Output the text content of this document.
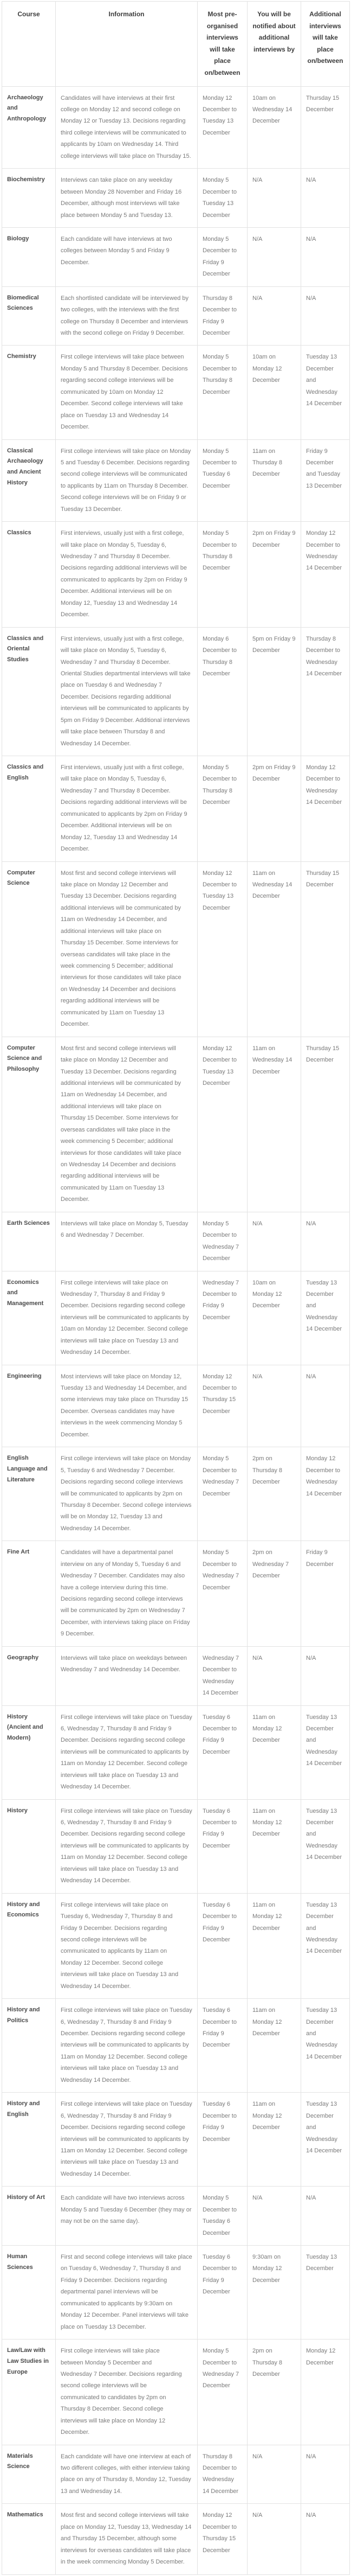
Course	Information	Most pre-organised interviews will take place on/between	You will be notified about additional interviews by	Additional interviews will take place on/between
Archaeology and Anthropology	Candidates will have interviews at their first college on Monday 12 and second college on Monday 12 or Tuesday 13. Decisions regarding third college interviews will be communicated to applicants by 10am on Wednesday 14. Third college interviews will take place on Thursday 15.	Monday 12 December to Tuesday 13 December	10am on Wednesday 14 December	Thursday 15 December
Biochemistry	Interviews can take place on any weekday between Monday 28 November and Friday 16 December, although most interviews will take place between Monday 5 and Tuesday 13.	Monday 5 December to Tuesday 13 December	N/A	N/A
Biology	Each candidate will have interviews at two colleges between Monday 5 and Friday 9 December.	Monday 5 December to Friday 9 December	N/A	N/A
Biomedical Sciences	Each shortlisted candidate will be interviewed by two colleges, with the interviews with the first college on Thursday 8 December and interviews with the second college on Friday 9 December.	Thursday 8 December to Friday 9 December	N/A	N/A
Chemistry	First college interviews will take place between Monday 5 and Thursday 8 December. Decisions regarding second college interviews will be communicated by 10am on Monday 12 December. Second college interviews will take place on Tuesday 13 and Wednesday 14 December.	Monday 5 December to Thursday 8 December	10am on Monday 12 December	Tuesday 13 December and Wednesday 14 December
Classical Archaeology and Ancient History	First college interviews will take place on Monday 5 and Tuesday 6 December. Decisions regarding second college interviews will be communicated to applicants by 11am on Thursday 8 December. Second college interviews will be on Friday 9 or Tuesday 13 December.	Monday 5 December to Tuesday 6 December	11am on Thursday 8 December	Friday 9 December and Tuesday 13 December
Classics	First interviews, usually just with a first college, will take place on Monday 5, Tuesday 6, Wednesday 7 and Thursday 8 December. Decisions regarding additional interviews will be communicated to applicants by 2pm on Friday 9 December. Additional interviews will be on Monday 12, Tuesday 13 and Wednesday 14 December.	Monday 5 December to Thursday 8 December	2pm on Friday 9 December	Monday 12 December to Wednesday 14 December
Classics and Oriental Studies	First interviews, usually just with a first college, will take place on Monday 5, Tuesday 6, Wednesday 7 and Thursday 8 December. Oriental Studies departmental interviews will take place on Tuesday 6 and Wednesday 7 December. Decisions regarding additional interviews will be communicated to applicants by 5pm on Friday 9 December. Additional interviews will take place between Thursday 8 and Wednesday 14 December.	Monday 6 December to Thursday 8 December	5pm on Friday 9 December	Thursday 8 December to Wednesday 14 December
Classics and English	First interviews, usually just with a first college, will take place on Monday 5, Tuesday 6, Wednesday 7 and Thursday 8 December. Decisions regarding additional interviews will be communicated to applicants by 2pm on Friday 9 December. Additional interviews will be on Monday 12, Tuesday 13 and Wednesday 14 December.	Monday 5 December to Thursday 8 December	2pm on Friday 9 December	Monday 12 December to Wednesday 14 December
Computer Science	Most first and second college interviews will take place on Monday 12 December and Tuesday 13 December. Decisions regarding additional interviews will be communicated by 11am on Wednesday 14 December, and additional interviews will take place on Thursday 15 December. Some interviews for overseas candidates will take place in the week commencing 5 December; additional interviews for those candidates will take place on Wednesday 14 December and decisions regarding additional interviews will be communicated by 11am on Tuesday 13 December.	Monday 12 December to Tuesday 13 December	11am on Wednesday 14 December	Thursday 15 December
Computer Science and Philosophy	Most first and second college interviews will take place on Monday 12 December and Tuesday 13 December. Decisions regarding additional interviews will be communicated by 11am on Wednesday 14 December, and additional interviews will take place on Thursday 15 December. Some interviews for overseas candidates will take place in the week commencing 5 December; additional interviews for those candidates will take place on Wednesday 14 December and decisions regarding additional interviews will be communicated by 11am on Tuesday 13 December.	Monday 12 December to Tuesday 13 December	11am on Wednesday 14 December	Thursday 15 December
Earth Sciences	Interviews will take place on Monday 5, Tuesday 6 and Wednesday 7 December.	Monday 5 December to Wednesday 7 December	N/A	N/A
Economics and Management	First college interviews will take place on Wednesday 7, Thursday 8 and Friday 9 December. Decisions regarding second college interviews will be communicated to applicants by 10am on Monday 12 December. Second college interviews will take place on Tuesday 13 and Wednesday 14 December.	Wednesday 7 December to Friday 9 December	10am on Monday 12 December	Tuesday 13 December and Wednesday 14 December
Engineering	Most interviews will take place on Monday 12, Tuesday 13 and Wednesday 14 December, and some interviews may take place on Thursday 15 December. Overseas candidates may have interviews in the week commencing Monday 5 December.	Monday 12 December to Thursday 15 December	N/A	N/A
English Language and Literature	First college interviews will take place on Monday 5, Tuesday 6 and Wednesday 7 December. Decisions regarding second college interviews will be communicated to applicants by 2pm on Thursday 8 December. Second college interviews will be on Monday 12, Tuesday 13 and Wednesday 14 December.	Monday 5 December to Wednesday 7 December	2pm on Thursday 8 December	Monday 12 December to Wednesday 14 December
Fine Art	Candidates will have a departmental panel interview on any of Monday 5, Tuesday 6 and Wednesday 7 December. Candidates may also have a college interview during this time. Decisions regarding second college interviews will be communicated by 2pm on Wednesday 7 December, with interviews taking place on Friday 9 December.	Monday 5 December to Wednesday 7 December	2pm on Wednesday 7 December	Friday 9 December
Geography	Interviews will take place on weekdays between Wednesday 7 and Wednesday 14 December.	Wednesday 7 December to Wednesday 14 December	N/A	N/A
History (Ancient and Modern)	First college interviews will take place on Tuesday 6, Wednesday 7, Thursday 8 and Friday 9 December. Decisions regarding second college interviews will be communicated to applicants by 11am on Monday 12 December. Second college interviews will take place on Tuesday 13 and Wednesday 14 December.	Tuesday 6 December to Friday 9 December	11am on Monday 12 December	Tuesday 13 December and Wednesday 14 December
History	First college interviews will take place on Tuesday 6, Wednesday 7, Thursday 8 and Friday 9 December. Decisions regarding second college interviews will be communicated to applicants by 11am on Monday 12 December. Second college interviews will take place on Tuesday 13 and Wednesday 14 December.	Tuesday 6 December to Friday 9 December	11am on Monday 12 December	Tuesday 13 December and Wednesday 14 December
History and Economics	First college interviews will take place on Tuesday 6, Wednesday 7, Thursday 8 and Friday 9 December. Decisions regarding second college interviews will be communicated to applicants by 11am on Monday 12 December. Second college interviews will take place on Tuesday 13 and Wednesday 14 December.	Tuesday 6 December to Friday 9 December	11am on Monday 12 December	Tuesday 13 December and Wednesday 14 December
History and Politics	First college interviews will take place on Tuesday 6, Wednesday 7, Thursday 8 and Friday 9 December. Decisions regarding second college interviews will be communicated to applicants by 11am on Monday 12 December. Second college interviews will take place on Tuesday 13 and Wednesday 14 December.	Tuesday 6 December to Friday 9 December	11am on Monday 12 December	Tuesday 13 December and Wednesday 14 December
History and English	First college interviews will take place on Tuesday 6, Wednesday 7, Thursday 8 and Friday 9 December. Decisions regarding second college interviews will be communicated to applicants by 11am on Monday 12 December. Second college interviews will take place on Tuesday 13 and Wednesday 14 December.	Tuesday 6 December to Friday 9 December	11am on Monday 12 December	Tuesday 13 December and Wednesday 14 December
History of Art	Each candidate will have two interviews across Monday 5 and Tuesday 6 December (they may or may not be on the same day).	Monday 5 December to Tuesday 6 December	N/A	N/A
Human Sciences	First and second college interviews will take place on Tuesday 6, Wednesday 7, Thursday 8 and Friday 9 December. Decisions regarding departmental panel interviews will be communicated to applicants by 9:30am on Monday 12 December. Panel interviews will take place on Tuesday 13 December.	Tuesday 6 December to Friday 9 December	9:30am on Monday 12 December	Tuesday 13 December
Law/Law with Law Studies in Europe	First college interviews will take place between Monday 5 December and Wednesday 7 December. Decisions regarding second college interviews will be communicated to candidates by 2pm on Thursday 8 December. Second college interviews will take place on Monday 12 December.	Monday 5 December to Wednesday 7 December	2pm on Thursday 8 December	Monday 12 December
Materials Science	Each candidate will have one interview at each of two different colleges, with either interview taking place on any of Thursday 8, Monday 12, Tuesday 13 and Wednesday 14.	Thursday 8 December to Wednesday 14 December	N/A	N/A
Mathematics	Most first and second college interviews will take place on Monday 12, Tuesday 13, Wednesday 14 and Thursday 15 December, although some interviews for overseas candidates will take place in the week commencing Monday 5 December.	Monday 12 December to Thursday 15 December	N/A	N/A
